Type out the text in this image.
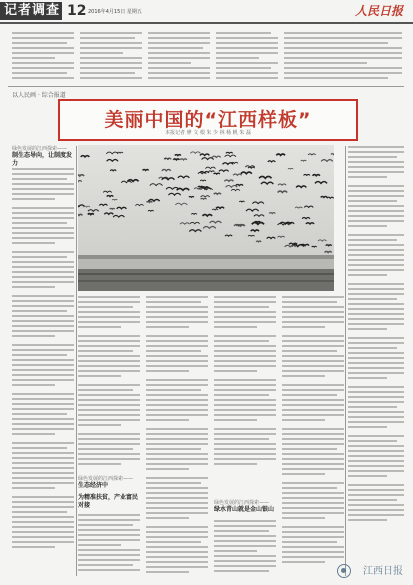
记者调查 12 2016年4月15日 星期五	人民日报
以人民画 · 综合报道
美丽中国的“江西样板”
本报记者 廖 文 根 朱 少 林 杨 帆 朱 磊
绿色发展的江西探索——
制生态导向，让制度发力
绿色发展的江西探索——
生态经济中
为精准扶贫，产业富民对接	绿色发展的江西探索——
绿水青山就是金山银山
江西日报
